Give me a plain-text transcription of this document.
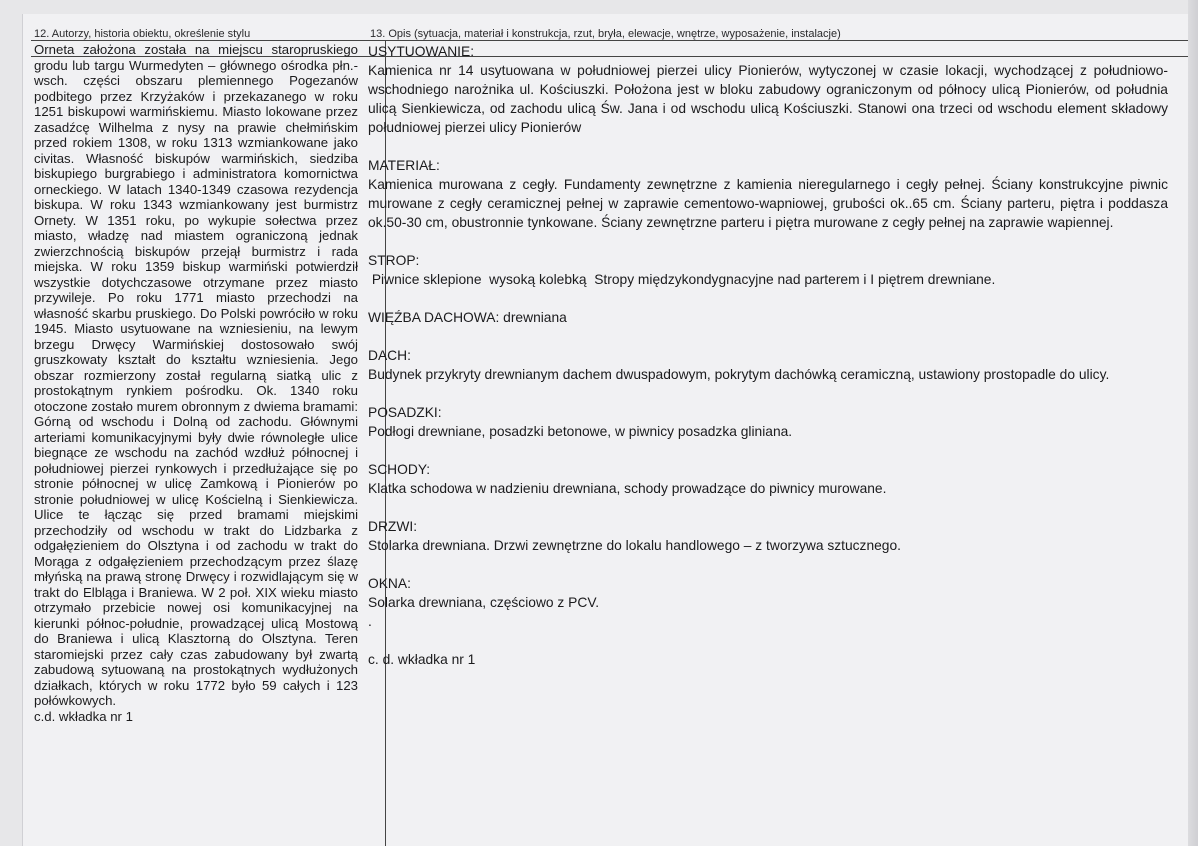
12. Autorzy, historia obiektu, określenie stylu	13. Opis (sytuacja, materiał i konstrukcja, rzut, bryła, elewacje, wnętrze, wyposażenie, instalacje)

Orneta założona została na miejscu staropruskiego grodu lub targu Wurmedyten – głównego ośrodka płn.-wsch. części obszaru plemiennego Pogezanów podbitego przez Krzyżaków i przekazanego w roku 1251 biskupowi warmińskiemu. Miasto lokowane przez zasadźcę Wilhelma z nysy na prawie chełmińskim przed rokiem 1308, w roku 1313 wzmiankowane jako civitas. Własność biskupów warmińskich, siedziba biskupiego burgrabiego i administratora komornictwa orneckiego. W latach 1340-1349 czasowa rezydencja biskupa. W roku 1343 wzmiankowany jest burmistrz Ornety. W 1351 roku, po wykupie sołectwa przez miasto, władzę nad miastem ograniczoną jednak zwierzchnością biskupów przejął burmistrz i rada miejska. W roku 1359 biskup warmiński potwierdził wszystkie dotychczasowe otrzymane przez miasto przywileje. Po roku 1771 miasto przechodzi na własność skarbu pruskiego. Do Polski powróciło w roku 1945. Miasto usytuowane na wzniesieniu, na lewym brzegu Drwęcy Warmińskiej dostosowało swój gruszkowaty kształt do kształtu wzniesienia. Jego obszar rozmierzony został regularną siatką ulic z prostokątnym rynkiem pośrodku. Ok. 1340 roku otoczone zostało murem obronnym z dwiema bramami: Górną od wschodu i Dolną od zachodu. Głównymi arteriami komunikacyjnymi były dwie równoległe ulice biegnące ze wschodu na zachód wzdłuż północnej i południowej pierzei rynkowych i przedłużające się po stronie północnej w ulicę Zamkową i Pionierów po stronie południowej w ulicę Kościelną i Sienkiewicza. Ulice te łącząc się przed bramami miejskimi przechodziły od wschodu w trakt do Lidzbarka z odgałęzieniem do Olsztyna i od zachodu w trakt do Morąga z odgałęzieniem przechodzącym przez ślazę młyńską na prawą stronę Drwęcy i rozwidlającym się w trakt do Elbląga i Braniewa. W 2 poł. XIX wieku miasto otrzymało przebicie nowej osi komunikacyjnej na kierunki północ-południe, prowadzącej ulicą Mostową do Braniewa i ulicą Klasztorną do Olsztyna. Teren staromiejski przez cały czas zabudowany był zwartą zabudową sytuowaną na prostokątnych wydłużonych działkach, których w roku 1772 było 59 całych i 123 połówkowych.

c.d. wkładka nr 1

USYTUOWANIE:

Kamienica nr 14 usytuowana w południowej pierzei ulicy Pionierów, wytyczonej w czasie lokacji, wychodzącej z południowo-wschodniego narożnika ul. Kościuszki. Położona jest w bloku zabudowy ograniczonym od północy ulicą Pionierów, od południa ulicą Sienkiewicza, od zachodu ulicą Św. Jana i od wschodu ulicą Kościuszki. Stanowi ona trzeci od wschodu element składowy południowej pierzei ulicy Pionierów

MATERIAŁ:

Kamienica murowana z cegły. Fundamenty zewnętrzne z kamienia nieregularnego i cegły pełnej. Ściany konstrukcyjne piwnic murowane z cegły ceramicznej pełnej w zaprawie cementowo-wapniowej, grubości ok..65 cm. Ściany parteru, piętra i poddasza ok.50-30 cm, obustronnie tynkowane. Ściany zewnętrzne parteru i piętra murowane z cegły pełnej na zaprawie wapiennej.

STROP:

Piwnice sklepione  wysoką kolebką  Stropy międzykondygnacyjne nad parterem i I piętrem drewniane.

WIĘŹBA DACHOWA: drewniana

DACH:

Budynek przykryty drewnianym dachem dwuspadowym, pokrytym dachówką ceramiczną, ustawiony prostopadle do ulicy.

POSADZKI:

Podłogi drewniane, posadzki betonowe, w piwnicy posadzka gliniana.

SCHODY:

Klatka schodowa w nadzieniu drewniana, schody prowadzące do piwnicy murowane.

DRZWI:

Stolarka drewniana. Drzwi zewnętrzne do lokalu handlowego – z tworzywa sztucznego.

OKNA:

Solarka drewniana, częściowo z PCV.

.

c. d. wkładka nr 1
